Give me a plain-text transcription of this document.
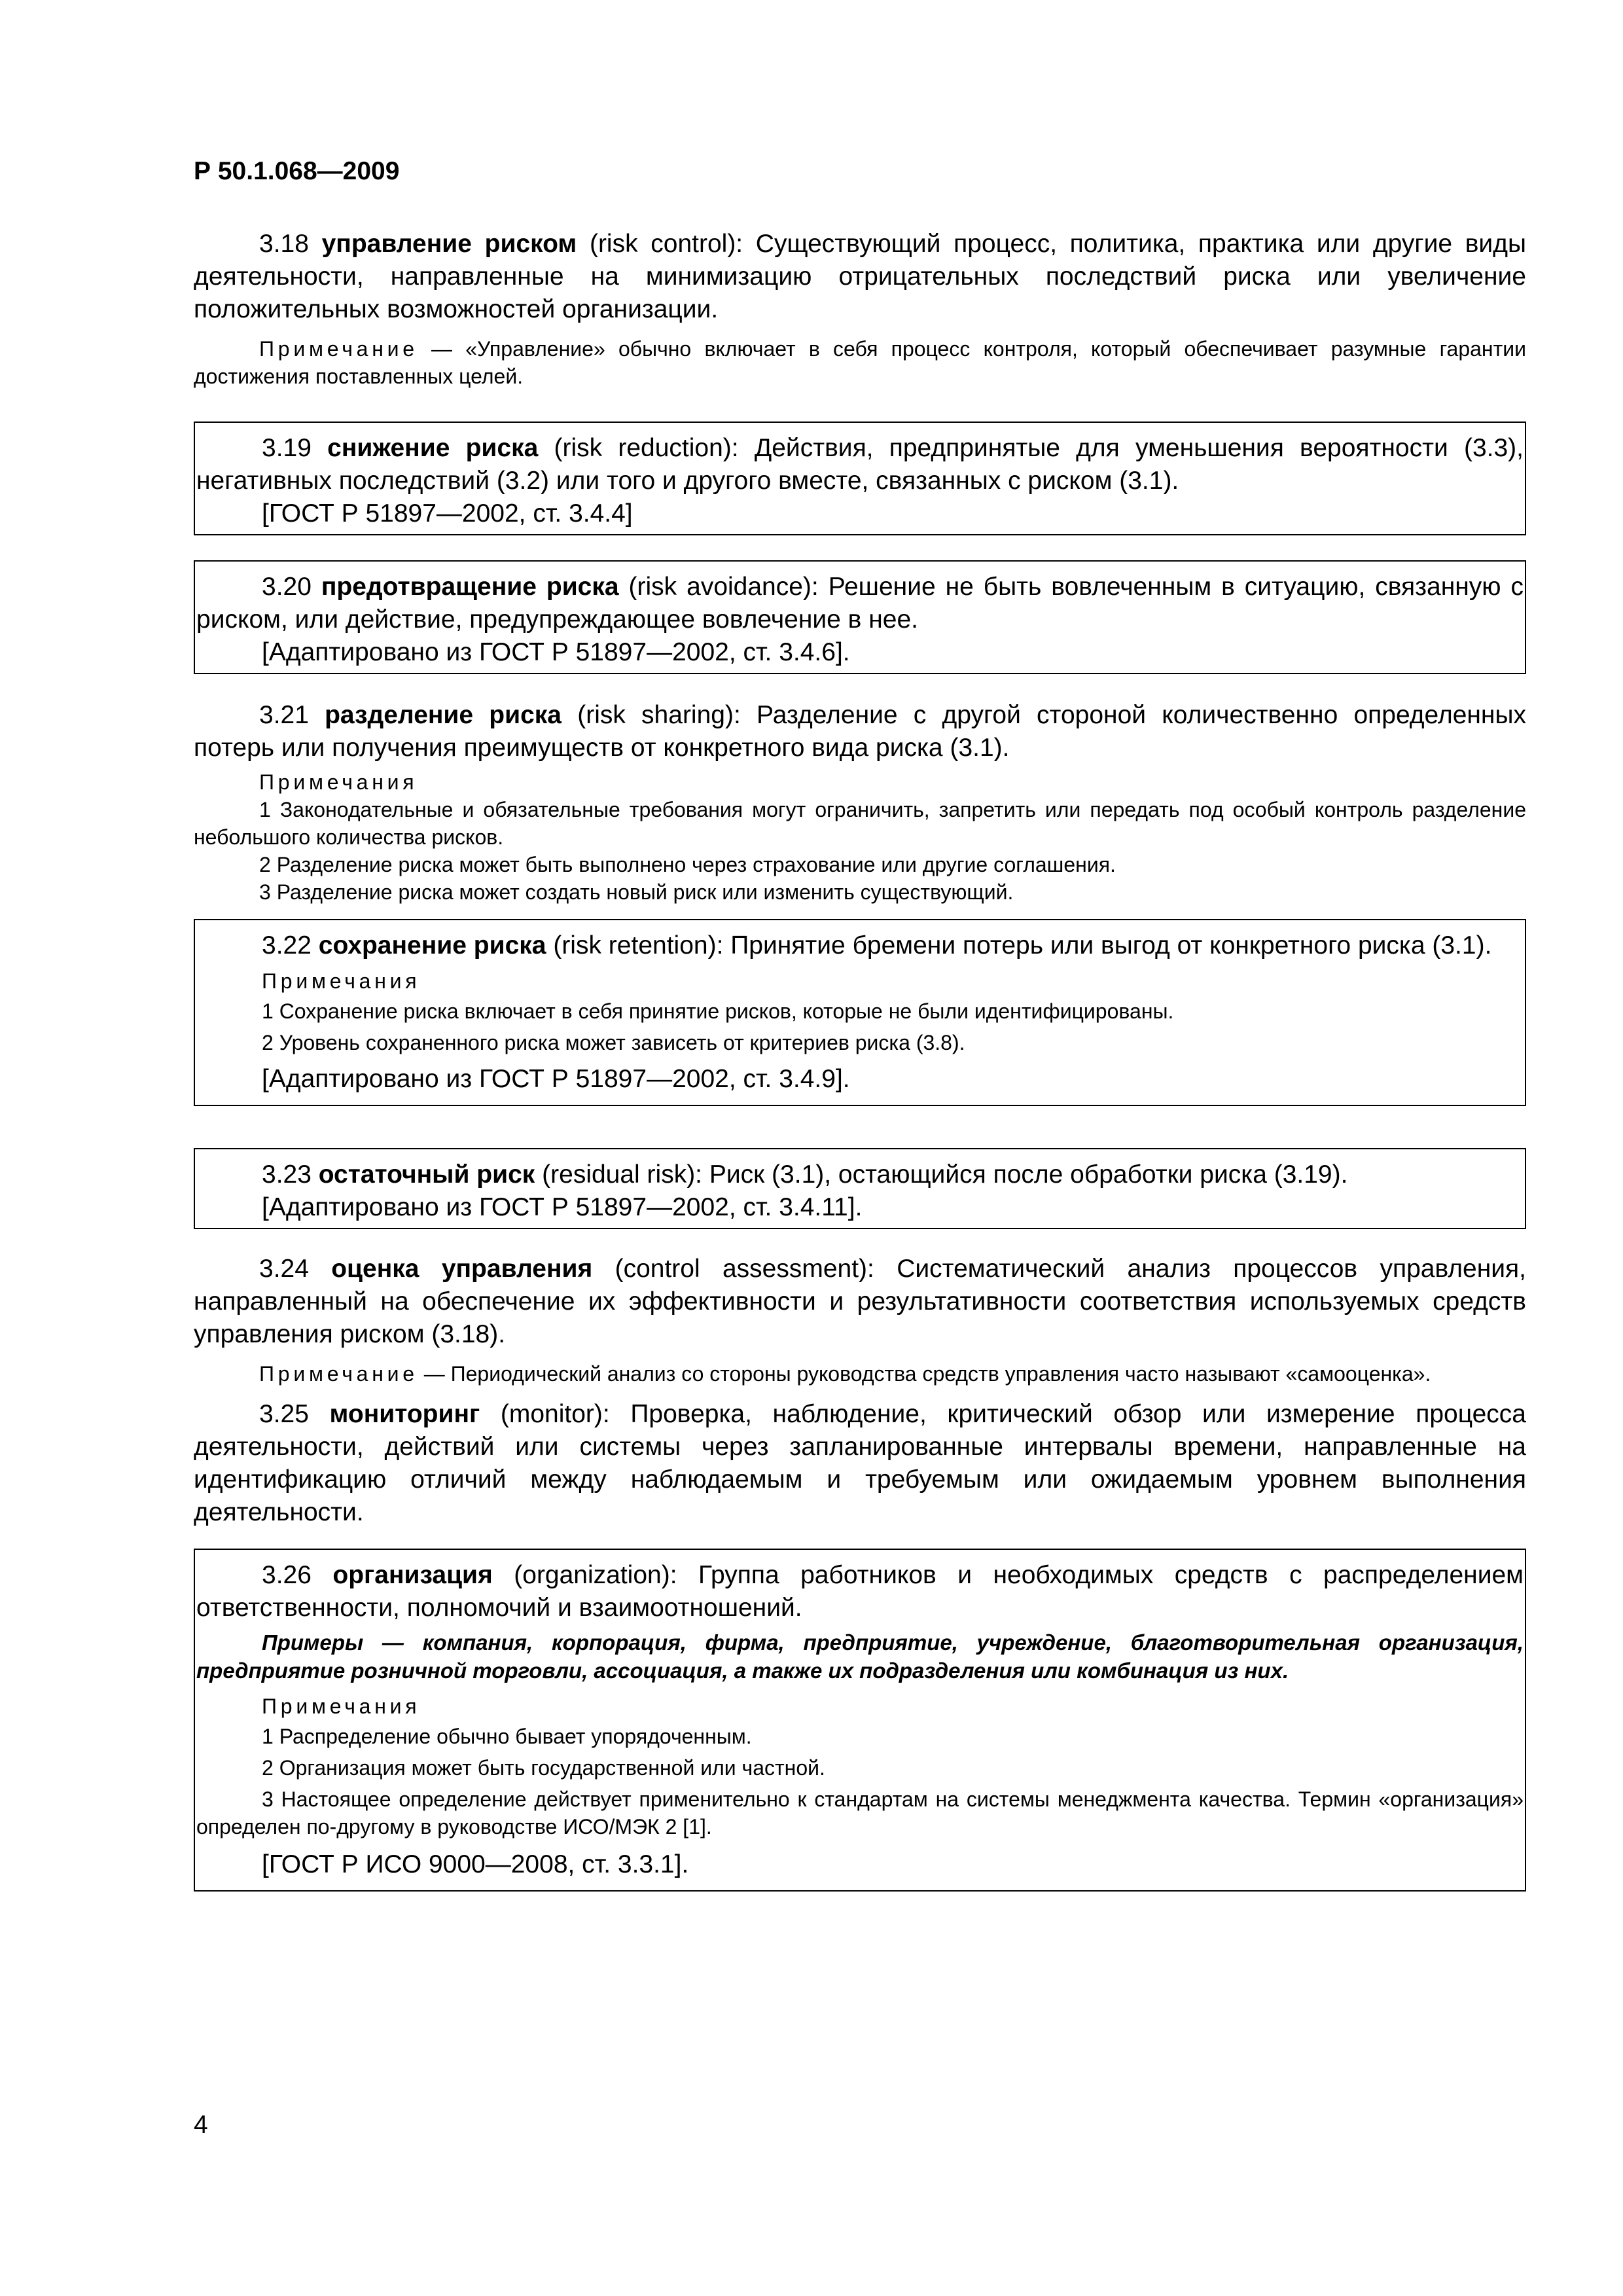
Р 50.1.068—2009

3.18 управление риском (risk control): Существующий процесс, политика, практика или другие виды деятельности, направленные на минимизацию отрицательных последствий риска или увеличение положительных возможностей организации.

Примечание — «Управление» обычно включает в себя процесс контроля, который обеспечивает разумные гарантии достижения поставленных целей.

3.19 снижение риска (risk reduction): Действия, предпринятые для уменьшения вероятности (3.3), негативных последствий (3.2) или того и другого вместе, связанных с риском (3.1).

[ГОСТ Р 51897—2002, ст. 3.4.4]

3.20 предотвращение риска (risk avoidance): Решение не быть вовлеченным в ситуацию, связанную с риском, или действие, предупреждающее вовлечение в нее.

[Адаптировано из ГОСТ Р 51897—2002, ст. 3.4.6].

3.21 разделение риска (risk sharing): Разделение с другой стороной количественно определенных потерь или получения преимуществ от конкретного вида риска (3.1).

Примечания

1 Законодательные и обязательные требования могут ограничить, запретить или передать под особый контроль разделение небольшого количества рисков.

2 Разделение риска может быть выполнено через страхование или другие соглашения.

3 Разделение риска может создать новый риск или изменить существующий.

3.22 сохранение риска (risk retention): Принятие бремени потерь или выгод от конкретного риска (3.1).

Примечания

1 Сохранение риска включает в себя принятие рисков, которые не были идентифицированы.

2 Уровень сохраненного риска может зависеть от критериев риска (3.8).

[Адаптировано из ГОСТ Р 51897—2002, ст. 3.4.9].

3.23 остаточный риск (residual risk): Риск (3.1), остающийся после обработки риска (3.19).

[Адаптировано из ГОСТ Р 51897—2002, ст. 3.4.11].

3.24 оценка управления (control assessment): Систематический анализ процессов управления, направленный на обеспечение их эффективности и результативности соответствия используемых средств управления риском (3.18).

Примечание — Периодический анализ со стороны руководства средств управления часто называют «самооценка».

3.25 мониторинг (monitor): Проверка, наблюдение, критический обзор или измерение процесса деятельности, действий или системы через запланированные интервалы времени, направленные на идентификацию отличий между наблюдаемым и требуемым или ожидаемым уровнем выполнения деятельности.

3.26 организация (organization): Группа работников и необходимых средств с распределением ответственности, полномочий и взаимоотношений.

Примеры — компания, корпорация, фирма, предприятие, учреждение, благотворительная организация, предприятие розничной торговли, ассоциация, а также их подразделения или комбинация из них.

Примечания

1 Распределение обычно бывает упорядоченным.

2 Организация может быть государственной или частной.

3 Настоящее определение действует применительно к стандартам на системы менеджмента качества. Термин «организация» определен по-другому в руководстве ИСО/МЭК 2 [1].

[ГОСТ Р ИСО 9000—2008, ст. 3.3.1].

4
